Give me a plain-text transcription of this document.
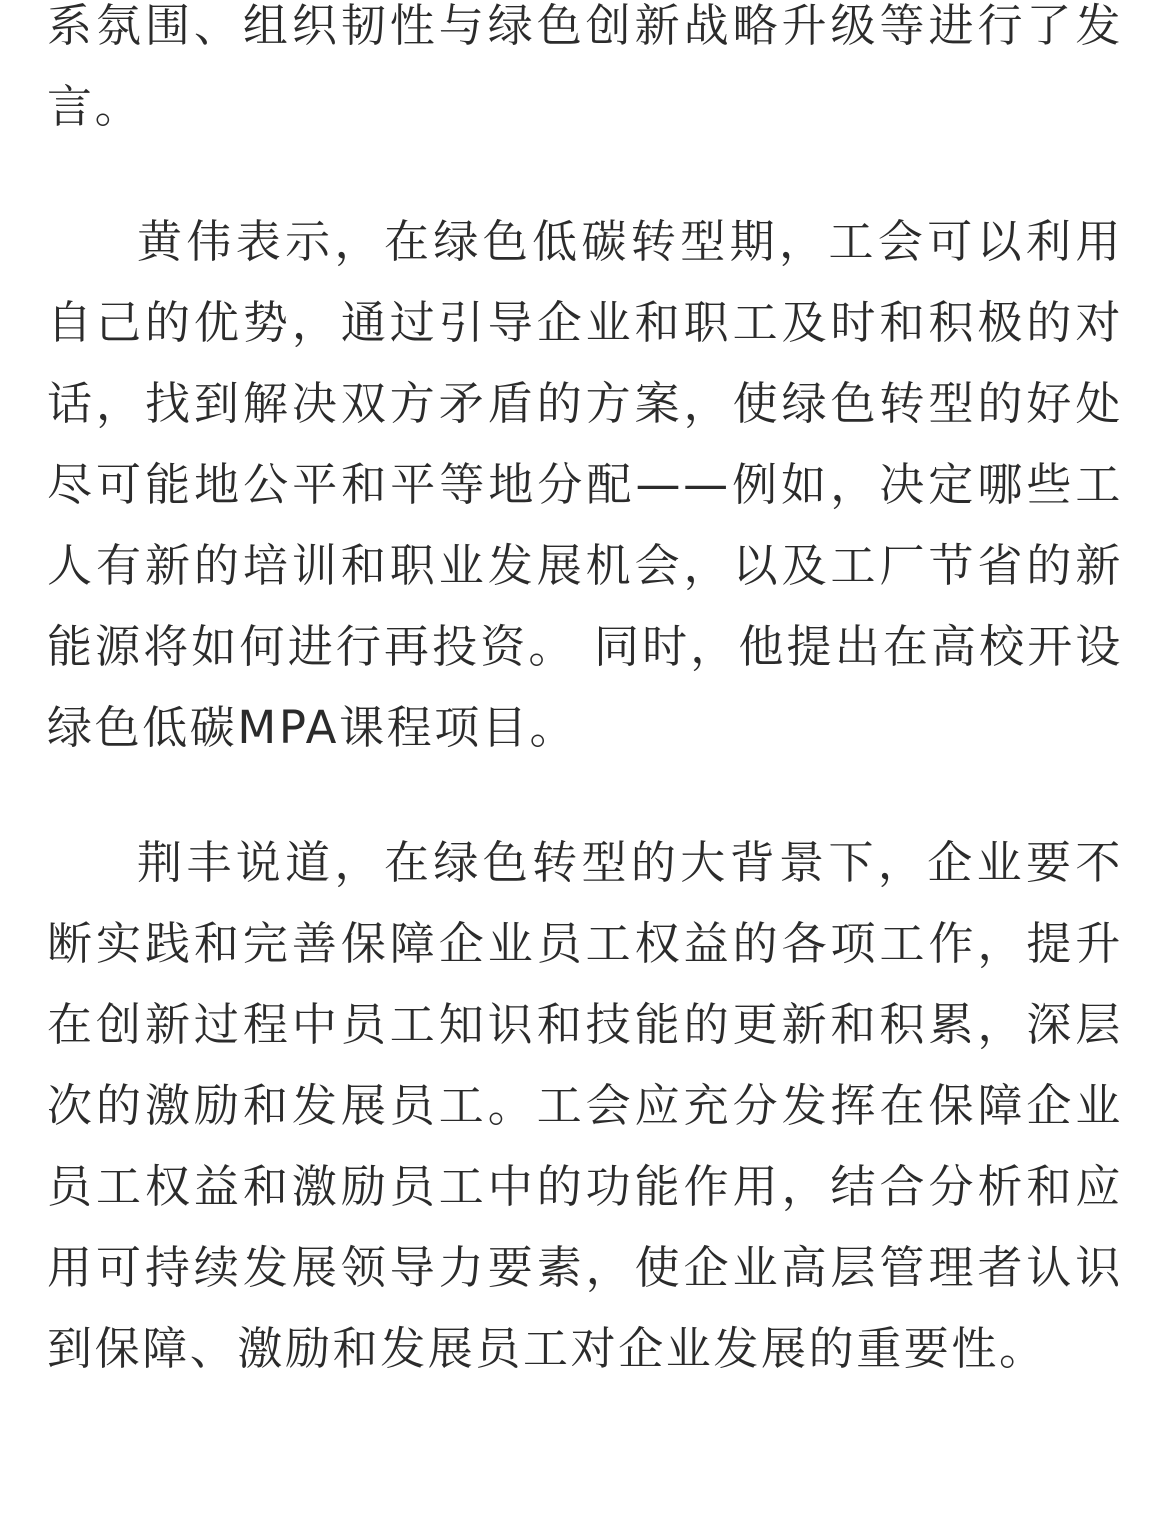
系氛围、组织韧性与绿色创新战略升级等进行了发言。

黄伟表示，在绿色低碳转型期，工会可以利用自己的优势，通过引导企业和职工及时和积极的对话，找到解决双方矛盾的方案，使绿色转型的好处尽可能地公平和平等地分配——例如，决定哪些工人有新的培训和职业发展机会，以及工厂节省的新能源将如何进行再投资。 同时，他提出在高校开设绿色低碳MPA课程项目。

荆丰说道，在绿色转型的大背景下，企业要不断实践和完善保障企业员工权益的各项工作，提升在创新过程中员工知识和技能的更新和积累，深层次的激励和发展员工。工会应充分发挥在保障企业员工权益和激励员工中的功能作用，结合分析和应用可持续发展领导力要素，使企业高层管理者认识到保障、激励和发展员工对企业发展的重要性。
